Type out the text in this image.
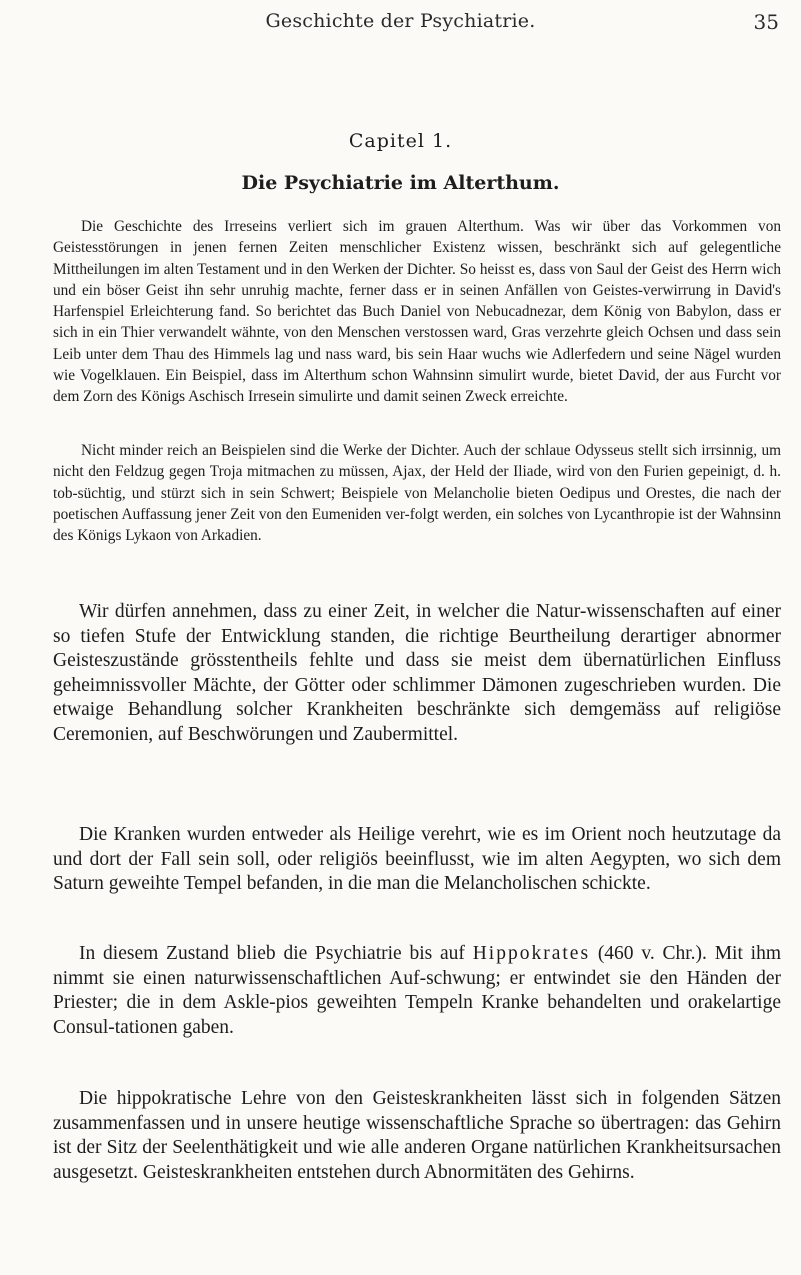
Geschichte der Psychiatrie.	35
Capitel 1.
Die Psychiatrie im Alterthum.

Die Geschichte des Irreseins verliert sich im grauen Alterthum. Was wir über das Vorkommen von Geistesstörungen in jenen fernen Zeiten menschlicher Existenz wissen, beschränkt sich auf gelegentliche Mittheilungen im alten Testament und in den Werken der Dichter. So heisst es, dass von Saul der Geist des Herrn wich und ein böser Geist ihn sehr unruhig machte, ferner dass er in seinen Anfällen von Geistes-verwirrung in David's Harfenspiel Erleichterung fand. So berichtet das Buch Daniel von Nebucadnezar, dem König von Babylon, dass er sich in ein Thier verwandelt wähnte, von den Menschen verstossen ward, Gras verzehrte gleich Ochsen und dass sein Leib unter dem Thau des Himmels lag und nass ward, bis sein Haar wuchs wie Adlerfedern und seine Nägel wurden wie Vogelklauen. Ein Beispiel, dass im Alterthum schon Wahnsinn simulirt wurde, bietet David, der aus Furcht vor dem Zorn des Königs Aschisch Irresein simulirte und damit seinen Zweck erreichte.

Nicht minder reich an Beispielen sind die Werke der Dichter. Auch der schlaue Odysseus stellt sich irrsinnig, um nicht den Feldzug gegen Troja mitmachen zu müssen, Ajax, der Held der Iliade, wird von den Furien gepeinigt, d. h. tob-süchtig, und stürzt sich in sein Schwert; Beispiele von Melancholie bieten Oedipus und Orestes, die nach der poetischen Auffassung jener Zeit von den Eumeniden ver-folgt werden, ein solches von Lycanthropie ist der Wahnsinn des Königs Lykaon von Arkadien.

Wir dürfen annehmen, dass zu einer Zeit, in welcher die Natur-wissenschaften auf einer so tiefen Stufe der Entwicklung standen, die richtige Beurtheilung derartiger abnormer Geisteszustände grösstentheils fehlte und dass sie meist dem übernatürlichen Einfluss geheimnissvoller Mächte, der Götter oder schlimmer Dämonen zugeschrieben wurden. Die etwaige Behandlung solcher Krankheiten beschränkte sich demgemäss auf religiöse Ceremonien, auf Beschwörungen und Zaubermittel.

Die Kranken wurden entweder als Heilige verehrt, wie es im Orient noch heutzutage da und dort der Fall sein soll, oder religiös beeinflusst, wie im alten Aegypten, wo sich dem Saturn geweihte Tempel befanden, in die man die Melancholischen schickte.

In diesem Zustand blieb die Psychiatrie bis auf Hippokrates (460 v. Chr.). Mit ihm nimmt sie einen naturwissenschaftlichen Auf-schwung; er entwindet sie den Händen der Priester; die in dem Askle-pios geweihten Tempeln Kranke behandelten und orakelartige Consul-tationen gaben.

Die hippokratische Lehre von den Geisteskrankheiten lässt sich in folgenden Sätzen zusammenfassen und in unsere heutige wissenschaftliche Sprache so übertragen: das Gehirn ist der Sitz der Seelenthätigkeit und wie alle anderen Organe natürlichen Krankheitsursachen ausgesetzt. Geisteskrankheiten entstehen durch Abnormitäten des Gehirns.
